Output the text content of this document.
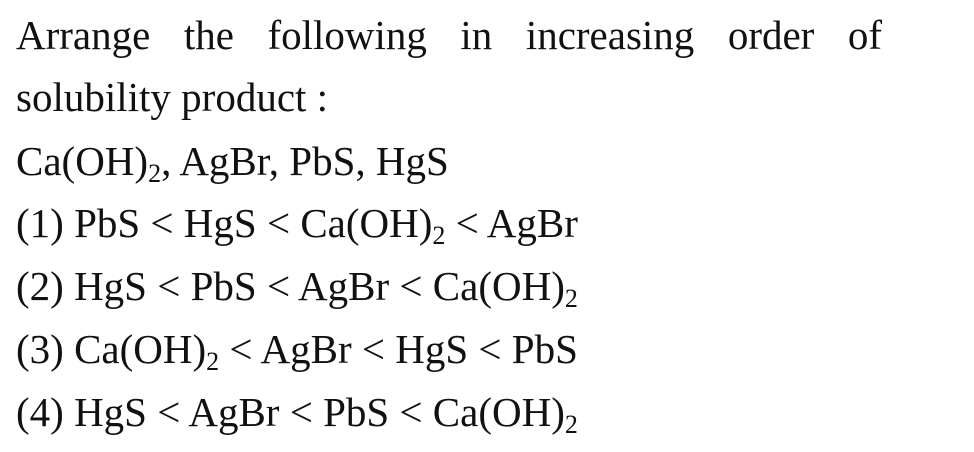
Arrange the following in increasing order of
solubility product :
$Ca(OH)_2$, AgBr, PbS, HgS
(1) PbS < HgS < $Ca(OH)_2$ < AgBr
(2) HgS < PbS < AgBr < $Ca(OH)_2$
(3) $Ca(OH)_2$ < AgBr < HgS < PbS
(4) HgS < AgBr < PbS < $Ca(OH)_2$
